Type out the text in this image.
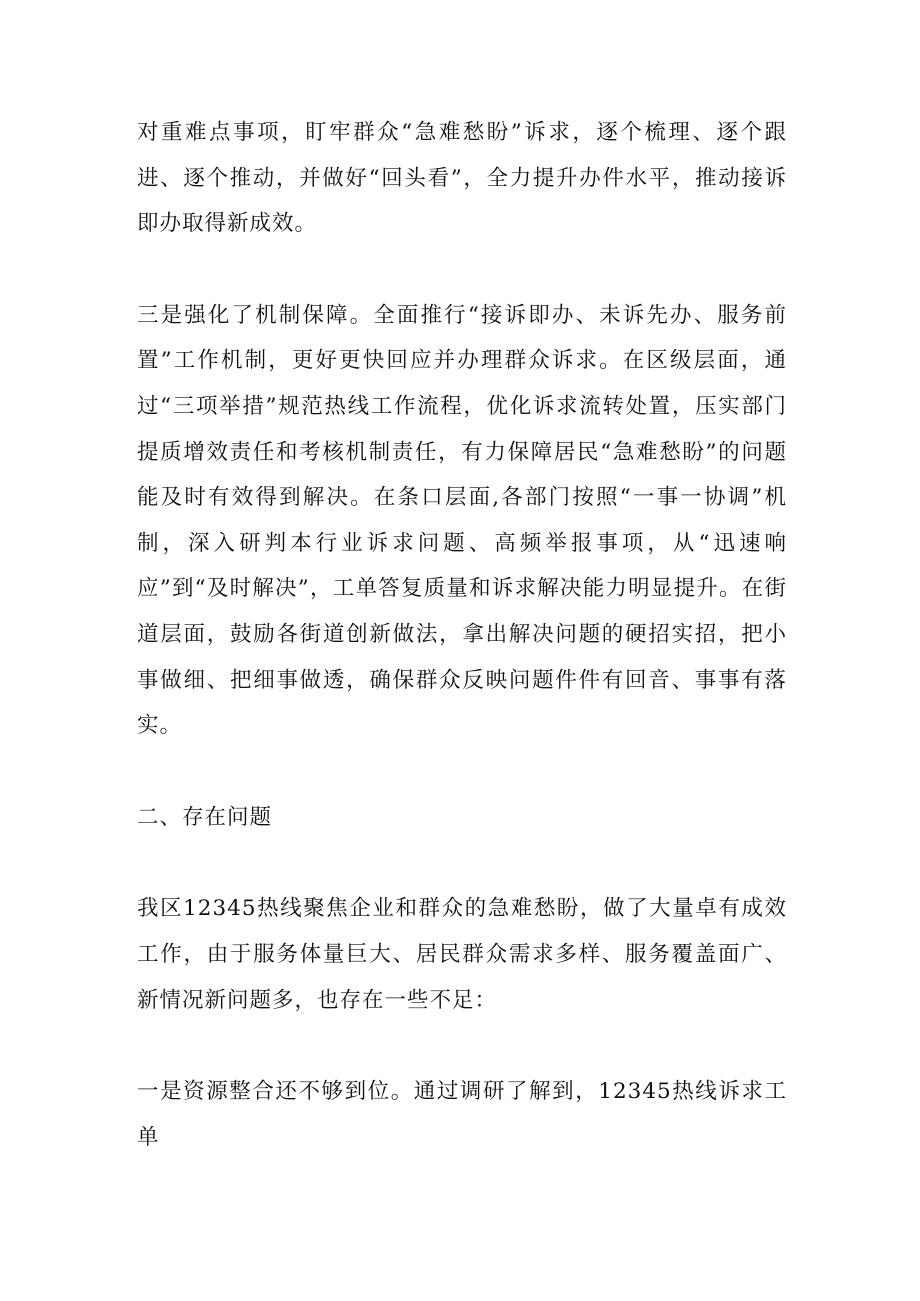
对重难点事项，盯牢群众“急难愁盼”诉求，逐个梳理、逐个跟进、逐个推动，并做好“回头看”，全力提升办件水平，推动接诉即办取得新成效。

三是强化了机制保障。全面推行“接诉即办、未诉先办、服务前置”工作机制，更好更快回应并办理群众诉求。在区级层面，通过“三项举措”规范热线工作流程，优化诉求流转处置，压实部门提质增效责任和考核机制责任，有力保障居民“急难愁盼”的问题能及时有效得到解决。在条口层面,各部门按照“一事一协调”机制，深入研判本行业诉求问题、高频举报事项，从“迅速响应”到“及时解决”，工单答复质量和诉求解决能力明显提升。在街道层面，鼓励各街道创新做法，拿出解决问题的硬招实招，把小事做细、把细事做透，确保群众反映问题件件有回音、事事有落实。

二、存在问题

我区12345热线聚焦企业和群众的急难愁盼，做了大量卓有成效工作，由于服务体量巨大、居民群众需求多样、服务覆盖面广、新情况新问题多，也存在一些不足：

一是资源整合还不够到位。通过调研了解到，12345热线诉求工单
